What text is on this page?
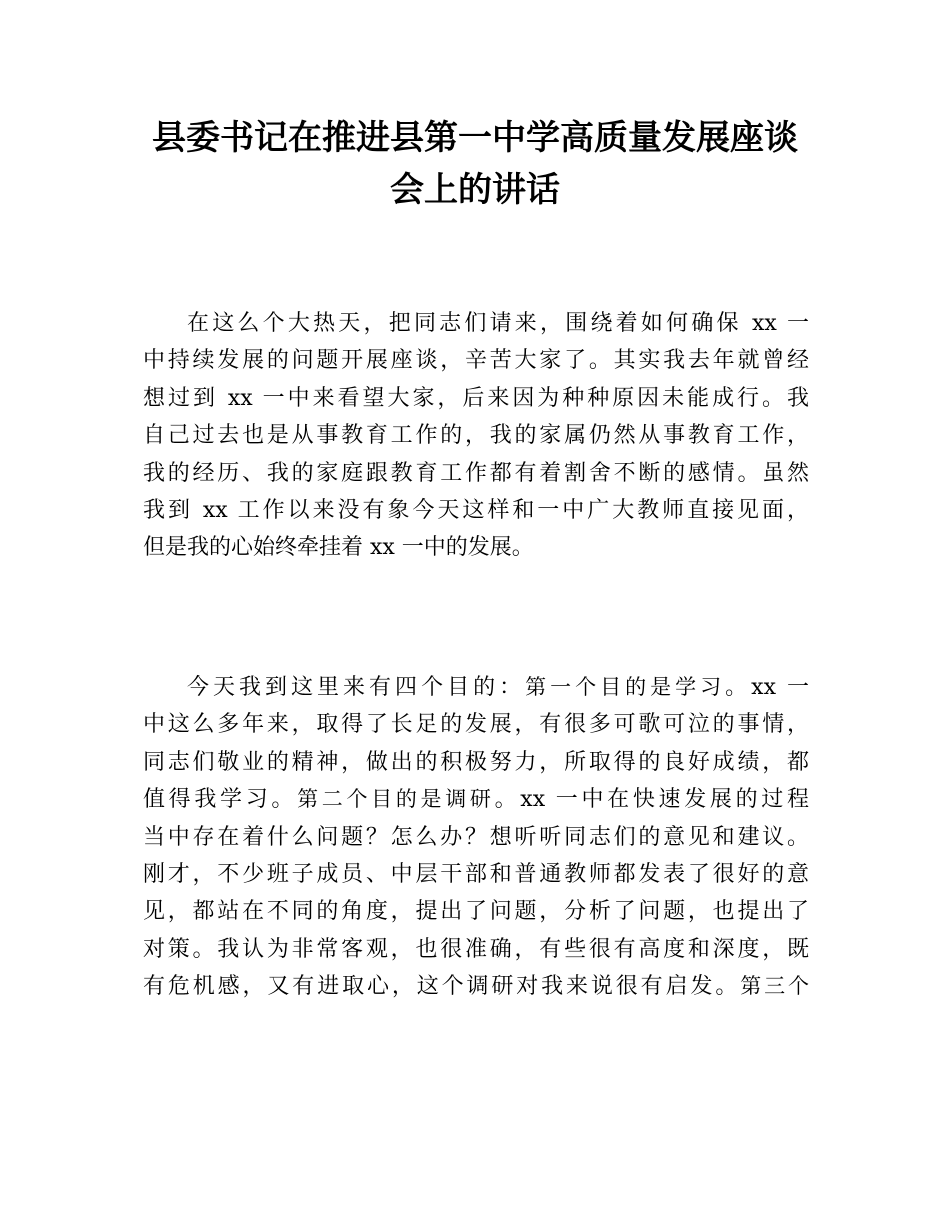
县委书记在推进县第一中学高质量发展座谈
会上的讲话
在这么个大热天，把同志们请来，围绕着如何确保 xx 一
中持续发展的问题开展座谈，辛苦大家了。其实我去年就曾经
想过到 xx 一中来看望大家，后来因为种种原因未能成行。我
自己过去也是从事教育工作的，我的家属仍然从事教育工作，
我的经历、我的家庭跟教育工作都有着割舍不断的感情。虽然
我到 xx 工作以来没有象今天这样和一中广大教师直接见面，
但是我的心始终牵挂着 xx 一中的发展。
今天我到这里来有四个目的：第一个目的是学习。xx 一
中这么多年来，取得了长足的发展，有很多可歌可泣的事情，
同志们敬业的精神，做出的积极努力，所取得的良好成绩，都
值得我学习。第二个目的是调研。xx 一中在快速发展的过程
当中存在着什么问题？怎么办？想听听同志们的意见和建议。
刚才，不少班子成员、中层干部和普通教师都发表了很好的意
见，都站在不同的角度，提出了问题，分析了问题，也提出了
对策。我认为非常客观，也很准确，有些很有高度和深度，既
有危机感，又有进取心，这个调研对我来说很有启发。第三个
